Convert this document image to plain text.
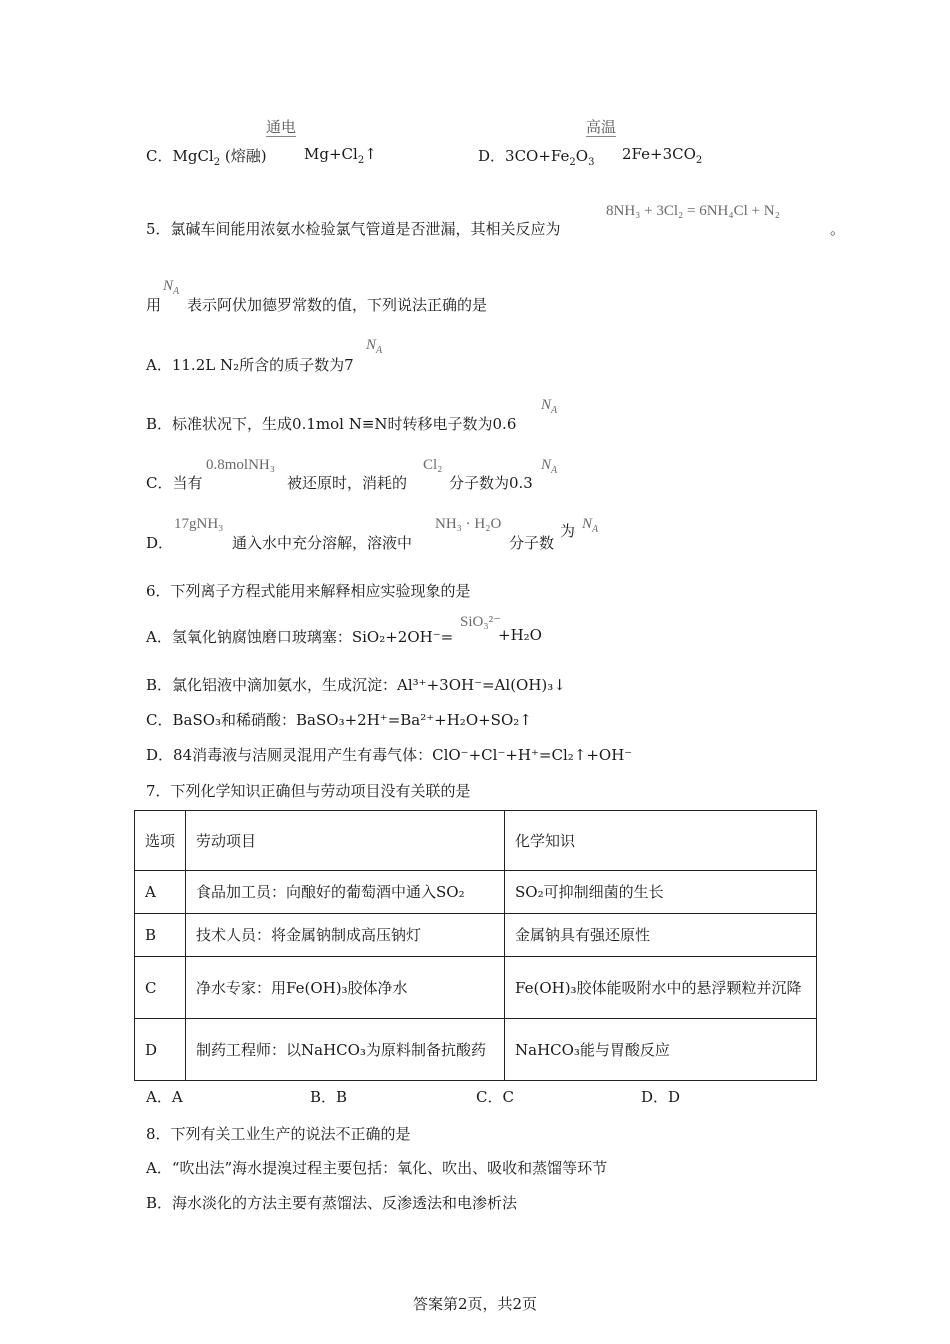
通电	高温
C．MgCl$_2$ (熔融) $Mg+Cl_2↑$	D．$3CO+Fe_2O_3$ $2Fe+3CO_2$
5．氯碱车间能用浓氨水检验氯气管道是否泄漏，其相关反应为
8NH₃ + 3Cl₂ = 6NH₄Cl + N₂
。
用
$N_A$
表示阿伏加德罗常数的值，下列说法正确的是
A．11.2L N₂所含的质子数为7
$N_A$
B．标准状况下，生成0.1mol N≡N时转移电子数为0.6
$N_A$
C．当有
0.8molNH₃
被还原时，消耗的
Cl₂
分子数为0.3
$N_A$
D．
17gNH₃
通入水中充分溶解，溶液中
NH₃ · H₂O
分子数
为 $N_A$
6．下列离子方程式能用来解释相应实验现象的是
A．氢氧化钠腐蚀磨口玻璃塞：SiO₂+2OH⁻=
SiO₃²⁻
+H₂O
B．氯化铝液中滴加氨水，生成沉淀：Al³⁺+3OH⁻=Al(OH)₃↓
C．BaSO₃和稀硝酸：BaSO₃+2H⁺=Ba²⁺+H₂O+SO₂↑
D．84消毒液与洁厕灵混用产生有毒气体：ClO⁻+Cl⁻+H⁺=Cl₂↑+OH⁻
7．下列化学知识正确但与劳动项目没有关联的是
选项	劳动项目	化学知识
A	食品加工员：向酿好的葡萄酒中通入SO₂	SO₂可抑制细菌的生长
B	技术人员：将金属钠制成高压钠灯	金属钠具有强还原性
C	净水专家：用Fe(OH)₃胶体净水	Fe(OH)₃胶体能吸附水中的悬浮颗粒并沉降
D	制药工程师：以NaHCO₃为原料制备抗酸药	NaHCO₃能与胃酸反应
A．A	B．B	C．C	D．D
8．下列有关工业生产的说法不正确的是
A．“吹出法”海水提溴过程主要包括：氧化、吹出、吸收和蒸馏等环节
B．海水淡化的方法主要有蒸馏法、反渗透法和电渗析法
答案第2页，共2页
